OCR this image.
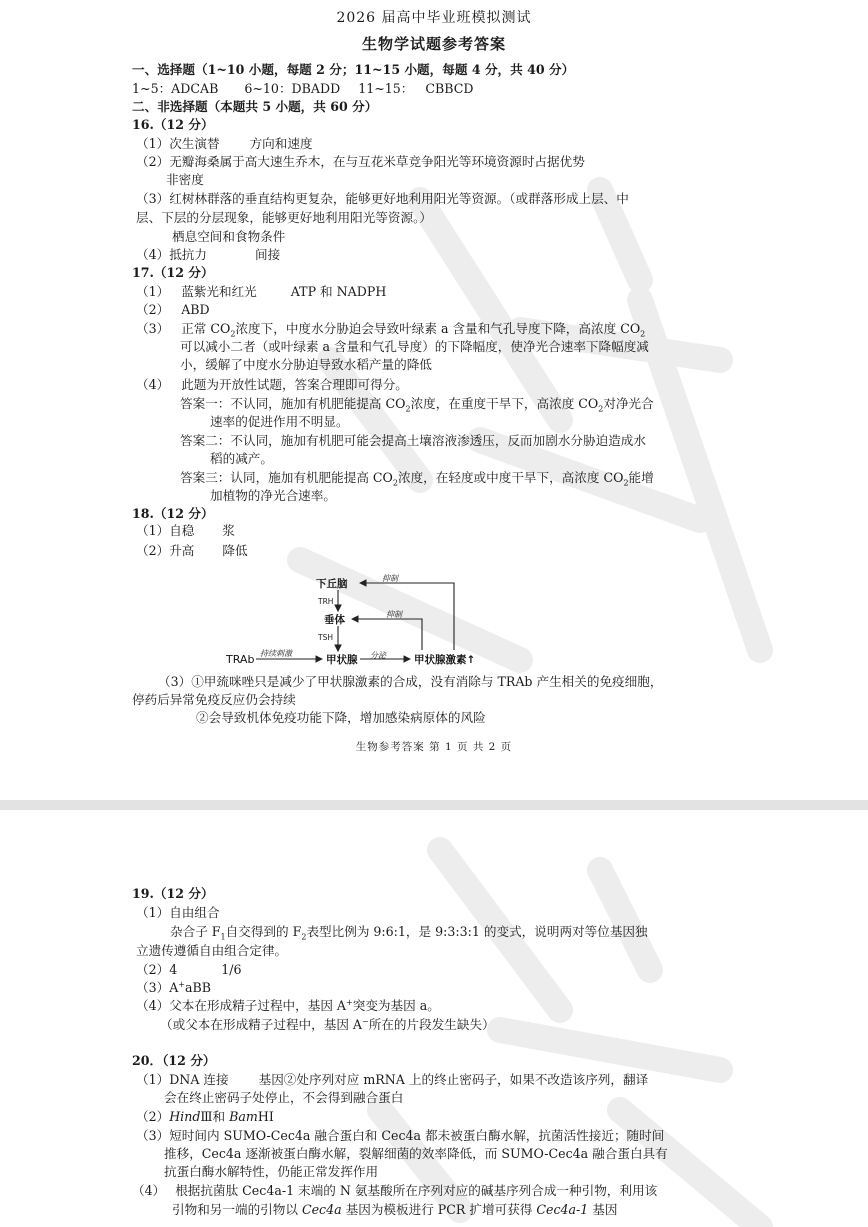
2026 届高中毕业班模拟测试
生物学试题参考答案
一、选择题（1~10 小题，每题 2 分；11~15 小题，每题 4 分，共 40 分）
1~5：ADCAB 6~10：DBADD 11~15： CBBCD
二、非选择题（本题共 5 小题，共 60 分）
16.（12 分）
（1）次生演替 方向和速度
（2）无瓣海桑属于高大速生乔木，在与互花米草竞争阳光等环境资源时占据优势
非密度
（3）红树林群落的垂直结构更复杂，能够更好地利用阳光等资源。（或群落形成上层、中
层、下层的分层现象，能够更好地利用阳光等资源。）
栖息空间和食物条件
（4）抵抗力	间接
17.（12 分）
（1） 蓝紫光和红光	ATP 和 NADPH
（2） ABD
（3） 正常 $CO_2$浓度下，中度水分胁迫会导致叶绿素 a 含量和气孔导度下降，高浓度 $CO_2$
可以减小二者（或叶绿素 a 含量和气孔导度）的下降幅度，使净光合速率下降幅度减
小，缓解了中度水分胁迫导致水稻产量的降低
（4） 此题为开放性试题，答案合理即可得分。
答案一：不认同，施加有机肥能提高 $CO_2$浓度，在重度干旱下，高浓度 $CO_2$对净光合
速率的促进作用不明显。
答案二：不认同，施加有机肥可能会提高土壤溶液渗透压，反而加剧水分胁迫造成水
稻的减产。
答案三：认同，施加有机肥能提高 $CO_2$浓度，在轻度或中度干旱下，高浓度 $CO_2$能增
加植物的净光合速率。
18.（12 分）
（1）自稳 浆
（2）升高 降低
下丘脑
垂体
甲状腺	甲状腺激素↑
TRAb
TRH
TSH
持续刺激	分泌
抑制
抑制
（3）①甲巯咪唑只是减少了甲状腺激素的合成，没有消除与 TRAb 产生相关的免疫细胞，
停药后异常免疫反应仍会持续
②会导致机体免疫功能下降，增加感染病原体的风险
生物参考答案 第 1 页 共 2 页
19.（12 分）
（1）自由组合
杂合子 $F_1$自交得到的 $F_2$表型比例为 9:6:1，是 9:3:3:1 的变式，说明两对等位基因独
立遗传遵循自由组合定律。
（2）4	1/6
（3）A+aBB
（4）父本在形成精子过程中，基因 A+突变为基因 a。
（或父本在形成精子过程中，基因 A−所在的片段发生缺失）
20．（12 分）
（1）DNA 连接 基因②处序列对应 mRNA 上的终止密码子，如果不改造该序列，翻译
会在终止密码子处停止，不会得到融合蛋白
（2）HindⅢ和 BamHI
（3）短时间内 SUMO-Cec4a 融合蛋白和 Cec4a 都未被蛋白酶水解，抗菌活性接近；随时间
推移，Cec4a 逐渐被蛋白酶水解，裂解细菌的效率降低，而 SUMO-Cec4a 融合蛋白具有
抗蛋白酶水解特性，仍能正常发挥作用
（4） 根据抗菌肽 Cec4a-1 末端的 N 氨基酸所在序列对应的碱基序列合成一种引物，利用该
引物和另一端的引物以 Cec4a 基因为模板进行 PCR 扩增可获得 Cec4a-1 基因
